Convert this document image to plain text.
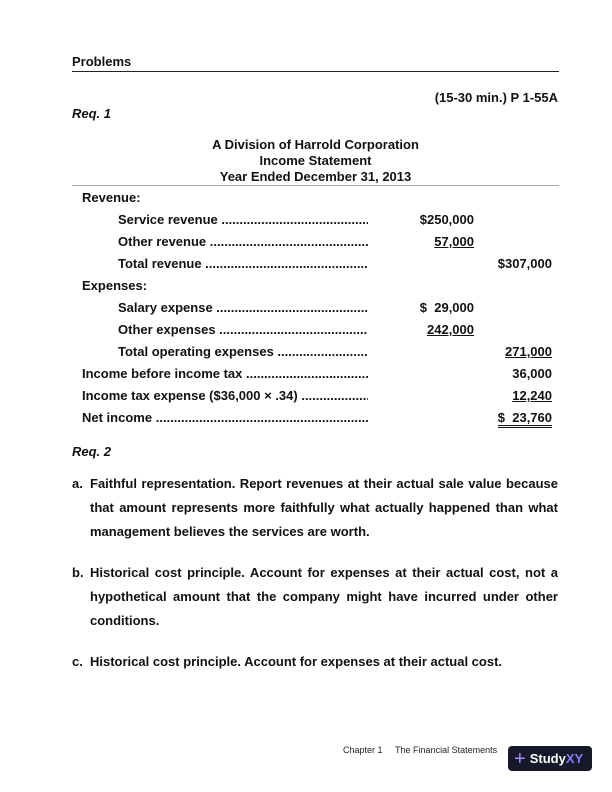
Problems
(15-30 min.) P 1-55A
Req. 1
A Division of Harrold Corporation
Income Statement
Year Ended December 31, 2013
Revenue:
Service revenue .....	$250,000
Other revenue .....	57,000
Total revenue .....	$307,000
Expenses:
Salary expense .....	$  29,000
Other expenses .....	242,000
Total operating expenses .....	271,000
Income before income tax .....	36,000
Income tax expense ($36,000 × .34) .....	12,240
Net income .....	$  23,760
Req. 2
a. Faithful representation. Report revenues at their actual sale value because that amount represents more faithfully what actually happened than what management believes the services are worth.
b. Historical cost principle. Account for expenses at their actual cost, not a hypothetical amount that the company might have incurred under other conditions.
c. Historical cost principle. Account for expenses at their actual cost.
Chapter 1 The Financial Statements + Study XY
